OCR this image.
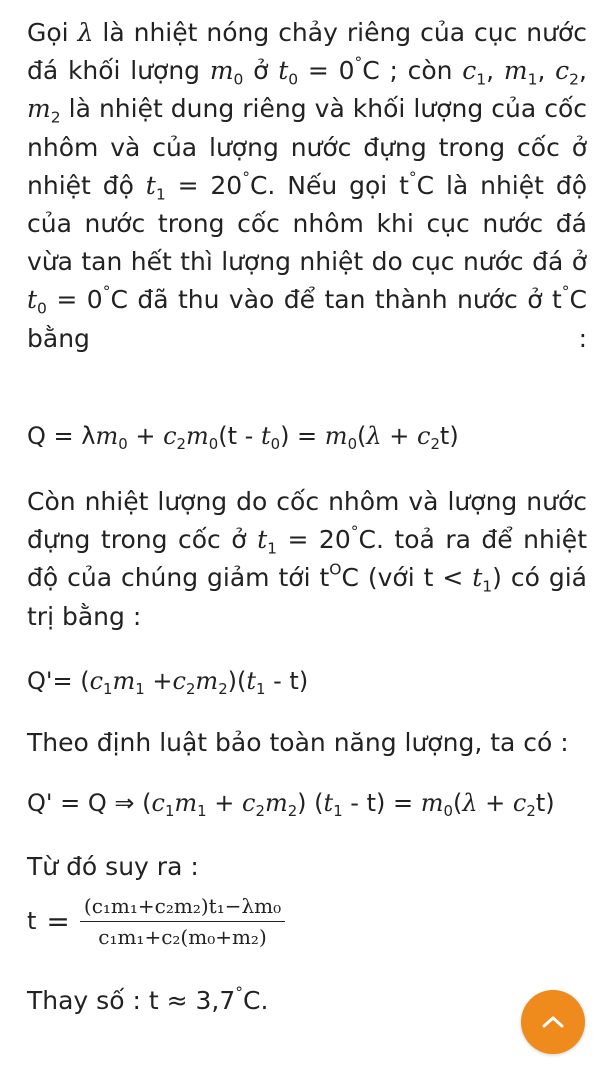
Gọi λ là nhiệt nóng chảy riêng của cục nước đá khối lượng $m_0$ ở $t_0 = 0^\circ C$ ; còn $c_1$, $m_1$, $c_2$, $m_2$ là nhiệt dung riêng và khối lượng của cốc nhôm và của lượng nước đựng trong cốc ở nhiệt độ $t_1 = 20^\circ C$. Nếu gọi t°C là nhiệt độ của nước trong cốc nhôm khi cục nước đá vừa tan hết thì lượng nhiệt do cục nước đá ở $t_0 = 0^\circ C$ đã thu vào để tan thành nước ở t°C bằng :

$Q = \lambda m_0 + c_2m_0(t - t_0) = m_0(\lambda + c_2t)$

Còn nhiệt lượng do cốc nhôm và lượng nước đựng trong cốc ở $t_1 = 20^\circ C$. toả ra để nhiệt độ của chúng giảm tới $t^OC$ (với $t < t_1$) có giá trị bằng :

$Q'= (c_1m_1 +c_2m_2)(t_1 - t)$

Theo định luật bảo toàn năng lượng, ta có :

Q' = Q ⇒ $(c_1m_1 + c_2m_2)$ $(t_1 - t) = m_0(\lambda + c_2t)$

Từ đó suy ra :

$t = \frac{\text{(c₁m₁+c₂m₂)t₁−λm₀}}{\text{c₁m₁+c₂(m₀+m₂)}}$

Thay số : t ≈ 3,7°C.
